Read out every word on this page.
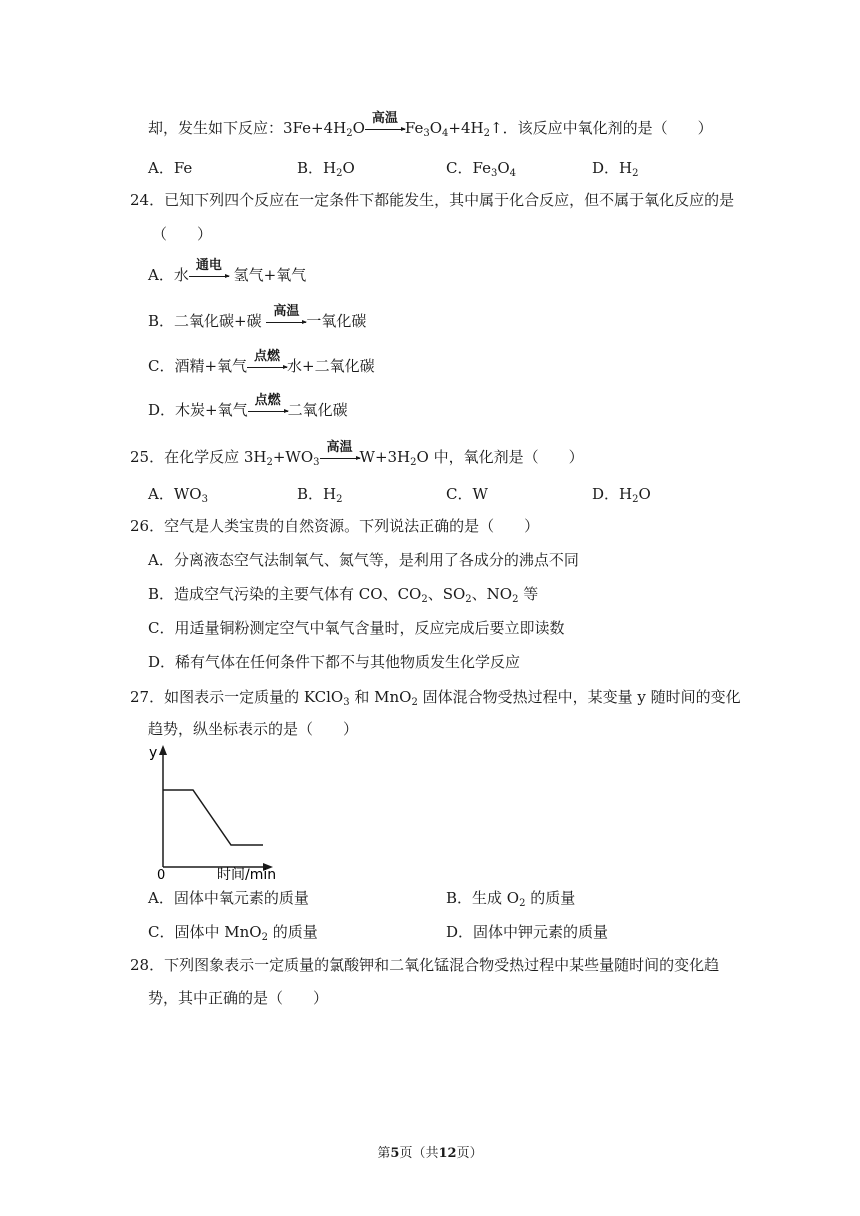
却，发生如下反应：$3Fe+4H_2O$
高温
$Fe_3O_4+4H_2↑$．该反应中氧化剂的是（　　）
A．Fe	B．$H_2O$	C．$Fe_3O_4$	D．$H_2$
24．已知下列四个反应在一定条件下都能发生，其中属于化合反应，但不属于氧化反应的是
（　　）
A．水
通电
氢气+氧气
B．二氧化碳+碳
高温
一氧化碳
C．酒精+氧气
点燃
水+二氧化碳
D．木炭+氧气
点燃
二氧化碳
25．在化学反应 $3H_2+WO_3$
高温
$W+3H_2O$ 中，氧化剂是（　　）
A．$WO_3$	B．$H_2$	C．W	D．$H_2O$
26．空气是人类宝贵的自然资源。下列说法正确的是（　　）
A．分离液态空气法制氧气、氮气等，是利用了各成分的沸点不同
B．造成空气污染的主要气体有 CO、$CO_2$、$SO_2$、$NO_2$ 等
C．用适量铜粉测定空气中氧气含量时，反应完成后要立即读数
D．稀有气体在任何条件下都不与其他物质发生化学反应
27．如图表示一定质量的 KClO$_3$ 和 MnO$_2$ 固体混合物受热过程中，某变量 y 随时间的变化
趋势，纵坐标表示的是（　　）
y
0	时间/min
A．固体中氧元素的质量	B．生成 $O_2$ 的质量
C．固体中 MnO$_2$ 的质量	D．固体中钾元素的质量
28．下列图象表示一定质量的氯酸钾和二氧化锰混合物受热过程中某些量随时间的变化趋
势，其中正确的是（　　）
第5页（共12页）
